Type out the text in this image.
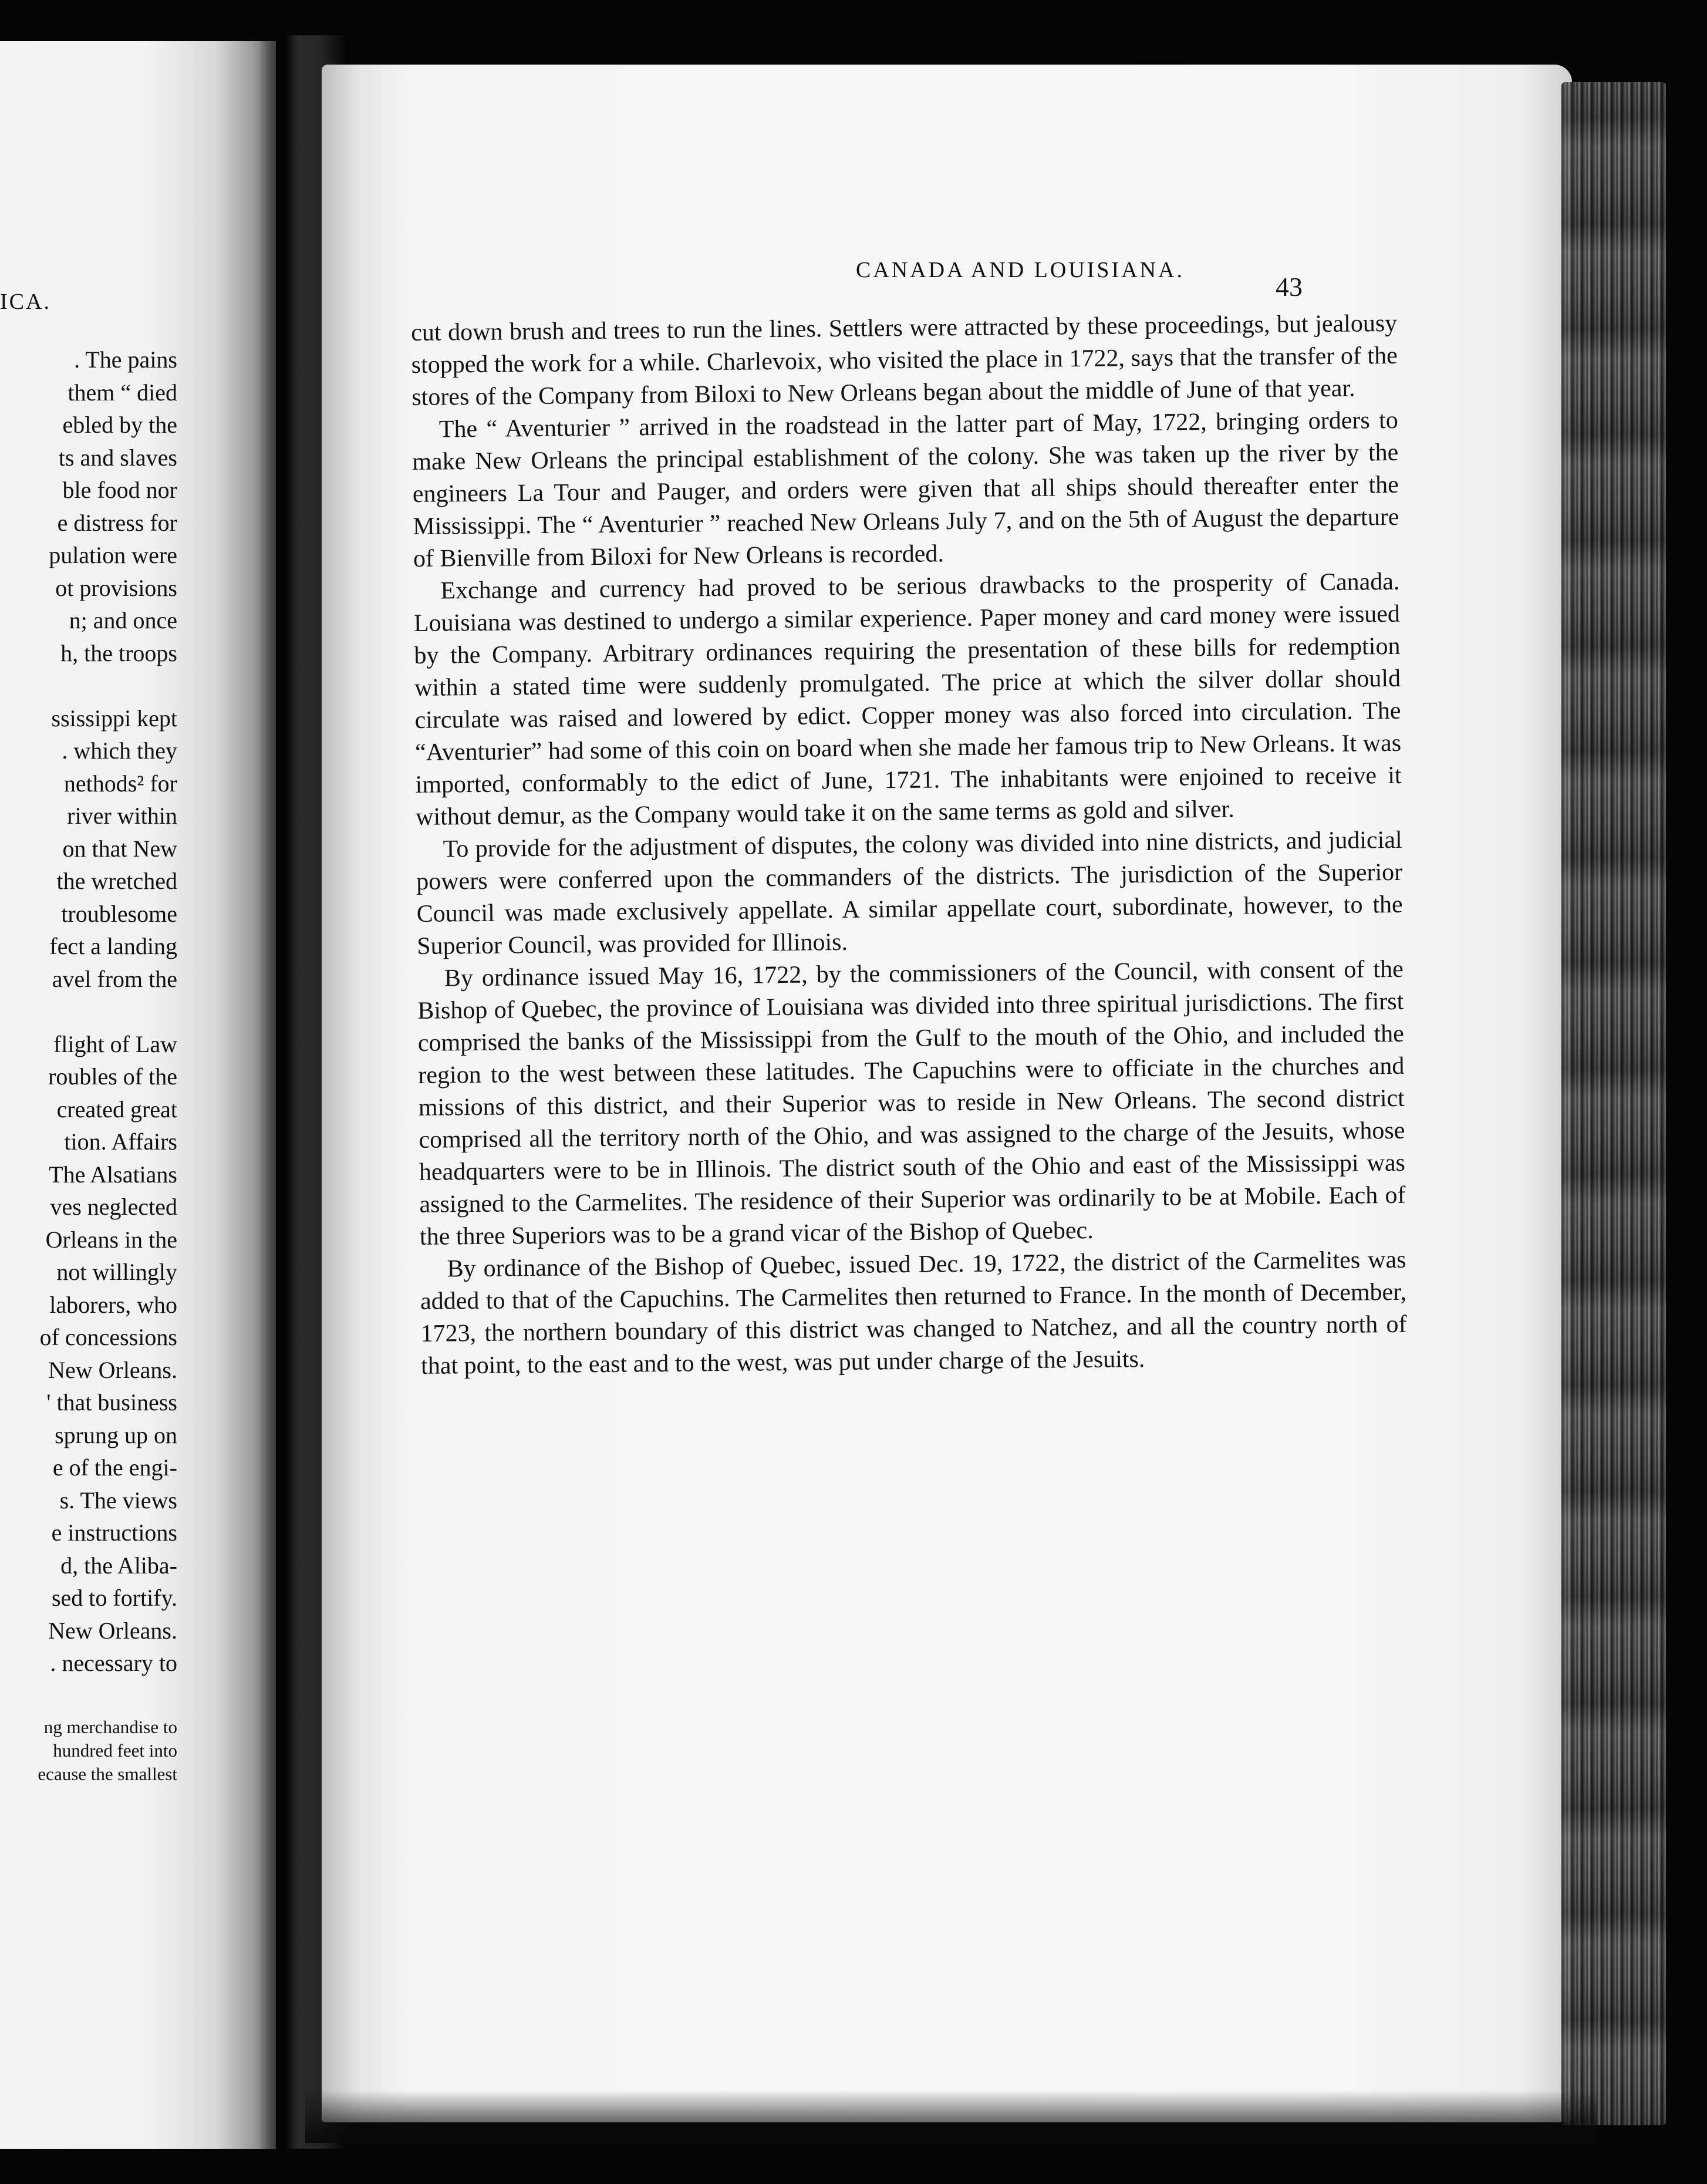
ICA.
. The pains
them “ died
ebled by the
ts and slaves
ble food nor
e distress for
pulation were
ot provisions
n; and once
h, the troops
ssissippi kept
. which they
nethods² for
river within
on that New
the wretched
troublesome
fect a landing
avel from the
flight of Law
roubles of the
created great
tion. Affairs
The Alsatians
ves neglected
Orleans in the
not willingly
laborers, who
of concessions
New Orleans.
' that business
sprung up on
e of the engi-
s. The views
e instructions
d, the Aliba-
sed to fortify.
New Orleans.
. necessary to
ng merchandise to
hundred feet into
ecause the smallest
CANADA AND LOUISIANA.
43

cut down brush and trees to run the lines. Settlers were attracted by these proceedings, but jealousy stopped the work for a while. Charlevoix, who visited the place in 1722, says that the transfer of the stores of the Company from Biloxi to New Orleans began about the middle of June of that year.

The “ Aventurier ” arrived in the roadstead in the latter part of May, 1722, bringing orders to make New Orleans the principal establishment of the colony. She was taken up the river by the engineers La Tour and Pauger, and orders were given that all ships should thereafter enter the Mississippi. The “ Aventurier ” reached New Orleans July 7, and on the 5th of August the departure of Bienville from Biloxi for New Orleans is recorded.

Exchange and currency had proved to be serious drawbacks to the prosperity of Canada. Louisiana was destined to undergo a similar experience. Paper money and card money were issued by the Company. Arbitrary ordinances requiring the presentation of these bills for redemption within a stated time were suddenly promulgated. The price at which the silver dollar should circulate was raised and lowered by edict. Copper money was also forced into circulation. The “Aventurier” had some of this coin on board when she made her famous trip to New Orleans. It was imported, conformably to the edict of June, 1721. The inhabitants were enjoined to receive it without demur, as the Company would take it on the same terms as gold and silver.

To provide for the adjustment of disputes, the colony was divided into nine districts, and judicial powers were conferred upon the commanders of the districts. The jurisdiction of the Superior Council was made exclusively appellate. A similar appellate court, subordinate, however, to the Superior Council, was provided for Illinois.

By ordinance issued May 16, 1722, by the commissioners of the Council, with consent of the Bishop of Quebec, the province of Louisiana was divided into three spiritual jurisdictions. The first comprised the banks of the Mississippi from the Gulf to the mouth of the Ohio, and included the region to the west between these latitudes. The Capuchins were to officiate in the churches and missions of this district, and their Superior was to reside in New Orleans. The second district comprised all the territory north of the Ohio, and was assigned to the charge of the Jesuits, whose headquarters were to be in Illinois. The district south of the Ohio and east of the Mississippi was assigned to the Carmelites. The residence of their Superior was ordinarily to be at Mobile. Each of the three Superiors was to be a grand vicar of the Bishop of Quebec.

By ordinance of the Bishop of Quebec, issued Dec. 19, 1722, the district of the Carmelites was added to that of the Capuchins. The Carmelites then returned to France. In the month of December, 1723, the northern boundary of this district was changed to Natchez, and all the country north of that point, to the east and to the west, was put under charge of the Jesuits.
